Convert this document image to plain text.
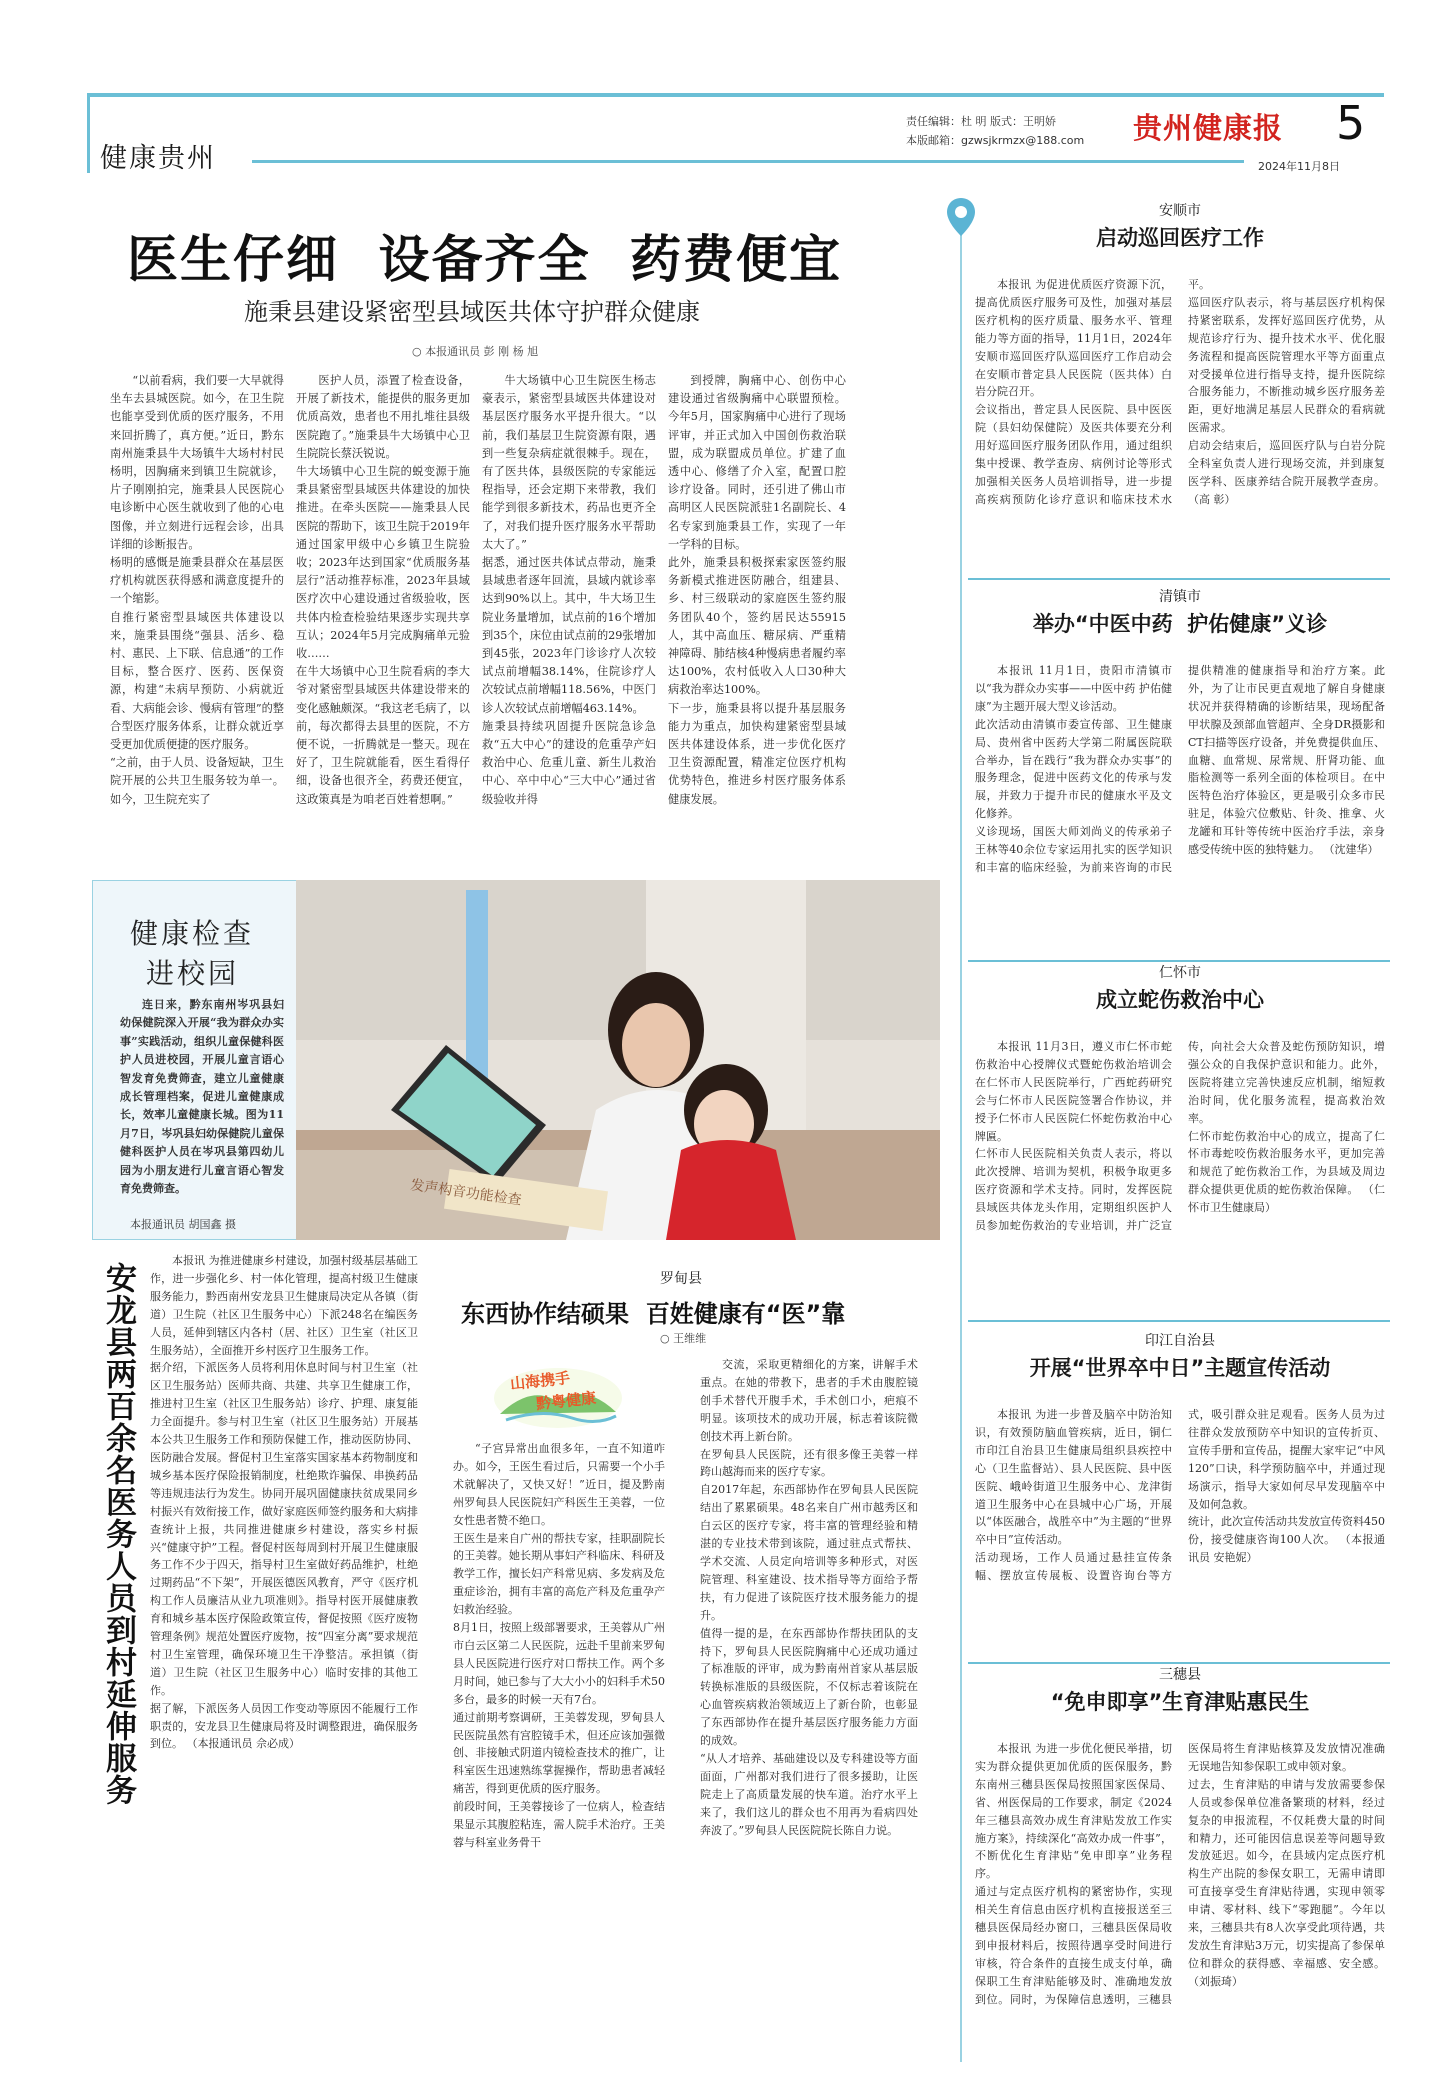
健康贵州
责任编辑：杜 明 版式：王明娇
本版邮箱：gzwsjkrmzx@188.com 贵州健康报 5
2024年11月8日
医生仔细  设备齐全  药费便宜
施秉县建设紧密型县域医共体守护群众健康
○ 本报通讯员 彭 刚 杨 旭

“以前看病，我们要一大早就得坐车去县城医院。如今，在卫生院也能享受到优质的医疗服务，不用来回折腾了，真方便。”近日，黔东南州施秉县牛大场镇牛大场村村民杨明，因胸痛来到镇卫生院就诊，片子刚刚拍完，施秉县人民医院心电诊断中心医生就收到了他的心电图像，并立刻进行远程会诊，出具详细的诊断报告。
杨明的感慨是施秉县群众在基层医疗机构就医获得感和满意度提升的一个缩影。
自推行紧密型县域医共体建设以来，施秉县围绕“强县、活乡、稳村、惠民、上下联、信息通”的工作目标，整合医疗、医药、医保资源，构建“未病早预防、小病就近看、大病能会诊、慢病有管理”的整合型医疗服务体系，让群众就近享受更加优质便捷的医疗服务。
“之前，由于人员、设备短缺，卫生院开展的公共卫生服务较为单一。如今，卫生院充实了

医护人员，添置了检查设备，开展了新技术，能提供的服务更加优质高效，患者也不用扎堆往县级医院跑了。”施秉县牛大场镇中心卫生院院长蔡沃锐说。
牛大场镇中心卫生院的蜕变源于施秉县紧密型县域医共体建设的加快推进。在牵头医院——施秉县人民医院的帮助下，该卫生院于2019年通过国家甲级中心乡镇卫生院验收；2023年达到国家“优质服务基层行”活动推荐标准，2023年县域医疗次中心建设通过省级验收，医共体内检查检验结果逐步实现共享互认；2024年5月完成胸痛单元验收……
在牛大场镇中心卫生院看病的李大爷对紧密型县域医共体建设带来的变化感触颇深。“我这老毛病了，以前，每次都得去县里的医院，不方便不说，一折腾就是一整天。现在好了，卫生院就能看，医生看得仔细，设备也很齐全，药费还便宜，这政策真是为咱老百姓着想啊。”

牛大场镇中心卫生院医生杨志豪表示，紧密型县域医共体建设对基层医疗服务水平提升很大。“以前，我们基层卫生院资源有限，遇到一些复杂病症就很棘手。现在，有了医共体，县级医院的专家能远程指导，还会定期下来带教，我们能学到很多新技术，药品也更齐全了，对我们提升医疗服务水平帮助太大了。”
据悉，通过医共体试点带动，施秉县域患者逐年回流，县域内就诊率达到90%以上。其中，牛大场卫生院业务量增加，试点前的16个增加到35个，床位由试点前的29张增加到45张，2023年门诊诊疗人次较试点前增幅38.14%，住院诊疗人次较试点前增幅118.56%，中医门诊人次较试点前增幅463.14%。
施秉县持续巩固提升医院急诊急救“五大中心”的建设的危重孕产妇救治中心、危重儿童、新生儿救治中心、卒中中心“三大中心”通过省级验收并得

到授牌，胸痛中心、创伤中心建设通过省级胸痛中心联盟预检。今年5月，国家胸痛中心进行了现场评审，并正式加入中国创伤救治联盟，成为联盟成员单位。扩建了血透中心、修缮了介入室，配置口腔诊疗设备。同时，还引进了佛山市高明区人民医院派驻1名副院长、4名专家到施秉县工作，实现了一年一学科的目标。
此外，施秉县积极探索家医签约服务新模式推进医防融合，组建县、乡、村三级联动的家庭医生签约服务团队40个，签约居民达55915人，其中高血压、糖尿病、严重精神障碍、肺结核4种慢病患者履约率达100%，农村低收入人口30种大病救治率达100%。
下一步，施秉县将以提升基层服务能力为重点，加快构建紧密型县域医共体建设体系，进一步优化医疗卫生资源配置，精准定位医疗机构优势特色，推进乡村医疗服务体系健康发展。

健康检查
进校园

连日来，黔东南州岑巩县妇幼保健院深入开展“我为群众办实事”实践活动，组织儿童保健科医护人员进校园，开展儿童言语心智发育免费筛查，建立儿童健康成长管理档案，促进儿童健康成长，效率儿童健康长城。图为11月7日，岑巩县妇幼保健院儿童保健科医护人员在岑巩县第四幼儿园为小朋友进行儿童言语心智发育免费筛查。

本报通讯员 胡国鑫 摄
发声构音功能检查
安龙县两百余名医务人员到村延伸服务

本报讯 为推进健康乡村建设，加强村级基层基础工作，进一步强化乡、村一体化管理，提高村级卫生健康服务能力，黔西南州安龙县卫生健康局决定从各镇（街道）卫生院（社区卫生服务中心）下派248名在编医务人员，延伸到辖区内各村（居、社区）卫生室（社区卫生服务站），全面推开乡村医疗卫生服务工作。
据介绍，下派医务人员将利用休息时间与村卫生室（社区卫生服务站）医师共商、共建、共享卫生健康工作，推进村卫生室（社区卫生服务站）诊疗、护理、康复能力全面提升。参与村卫生室（社区卫生服务站）开展基本公共卫生服务工作和预防保健工作，推动医防协同、医防融合发展。督促村卫生室落实国家基本药物制度和城乡基本医疗保险报销制度，杜绝欺诈骗保、串换药品等违规违法行为发生。协同开展巩固健康扶贫成果同乡村振兴有效衔接工作，做好家庭医师签约服务和大病排查统计上报，共同推进健康乡村建设，落实乡村振兴“健康守护”工程。督促村医每周到村开展卫生健康服务工作不少于四天，指导村卫生室做好药品维护，杜绝过期药品“不下架”，开展医德医风教育，严守《医疗机构工作人员廉洁从业九项准则》。指导村医开展健康教育和城乡基本医疗保险政策宣传，督促按照《医疗废物管理条例》规范处置医疗废物，按“四室分离”要求规范村卫生室管理，确保环境卫生干净整洁。承担镇（街道）卫生院（社区卫生服务中心）临时安排的其他工作。
据了解，下派医务人员因工作变动等原因不能履行工作职责的，安龙县卫生健康局将及时调整跟进，确保服务到位。 （本报通讯员 佘必成）

罗甸县
东西协作结硕果  百姓健康有“医”靠
○ 王维维
山海携手
黔粤健康

“子宫异常出血很多年，一直不知道咋办。如今，王医生看过后，只需要一个小手术就解决了，又快又好！”近日，提及黔南州罗甸县人民医院妇产科医生王美蓉，一位女性患者赞不绝口。
王医生是来自广州的帮扶专家，挂职副院长的王美蓉。她长期从事妇产科临床、科研及教学工作，擅长妇产科常见病、多发病及危重症诊治，拥有丰富的高危产科及危重孕产妇救治经验。
8月1日，按照上级部署要求，王美蓉从广州市白云区第二人民医院，远赴千里前来罗甸县人民医院进行医疗对口帮扶工作。两个多月时间，她已参与了大大小小的妇科手术50多台，最多的时候一天有7台。
通过前期考察调研，王美蓉发现，罗甸县人民医院虽然有宫腔镜手术，但还应该加强微创、非接触式阴道内镜检查技术的推广，让科室医生迅速熟练掌握操作，帮助患者减轻痛苦，得到更优质的医疗服务。
前段时间，王美蓉接诊了一位病人，检查结果显示其腹腔粘连，需人院手术治疗。王美蓉与科室业务骨干

交流，采取更精细化的方案，讲解手术重点。在她的带教下，患者的手术由腹腔镜创手术替代开腹手术，手术创口小，疤痕不明显。该项技术的成功开展，标志着该院微创技术再上新台阶。
在罗甸县人民医院，还有很多像王美蓉一样跨山越海而来的医疗专家。
自2017年起，东西部协作在罗甸县人民医院结出了累累硕果。48名来自广州市越秀区和白云区的医疗专家，将丰富的管理经验和精湛的专业技术带到该院，通过驻点式帮扶、学术交流、人员定向培训等多种形式，对医院管理、科室建设、技术指导等方面给予帮扶，有力促进了该院医疗技术服务能力的提升。
值得一提的是，在东西部协作帮扶团队的支持下，罗甸县人民医院胸痛中心还成功通过了标准版的评审，成为黔南州首家从基层版转换标准版的县级医院，不仅标志着该院在心血管疾病救治领域迈上了新台阶，也彰显了东西部协作在提升基层医疗服务能力方面的成效。
“从人才培养、基础建设以及专科建设等方面面面，广州都对我们进行了很多援助，让医院走上了高质量发展的快车道。治疗水平上来了，我们这儿的群众也不用再为看病四处奔波了。”罗甸县人民医院院长陈自力说。

安顺市
启动巡回医疗工作

本报讯 为促进优质医疗资源下沉，提高优质医疗服务可及性，加强对基层医疗机构的医疗质量、服务水平、管理能力等方面的指导，11月1日，2024年安顺市巡回医疗队巡回医疗工作启动会在安顺市普定县人民医院（医共体）白岩分院召开。
会议指出，普定县人民医院、县中医医院（县妇幼保健院）及医共体要充分利用好巡回医疗服务团队作用，通过组织集中授课、教学查房、病例讨论等形式加强相关医务人员培训指导，进一步提高疾病预防化诊疗意识和临床技术水平。
巡回医疗队表示，将与基层医疗机构保持紧密联系，发挥好巡回医疗优势，从规范诊疗行为、提升技术水平、优化服务流程和提高医院管理水平等方面重点对受援单位进行指导支持，提升医院综合服务能力，不断推动城乡医疗服务差距，更好地满足基层人民群众的看病就医需求。
启动会结束后，巡回医疗队与白岩分院全科室负责人进行现场交流，并到康复医学科、医康养结合院开展教学查房。 （高 彰）

清镇市
举办“中医中药  护佑健康”义诊

本报讯 11月1日，贵阳市清镇市以“我为群众办实事——中医中药 护佑健康”为主题开展大型义诊活动。
此次活动由清镇市委宣传部、卫生健康局、贵州省中医药大学第二附属医院联合举办，旨在践行“我为群众办实事”的服务理念，促进中医药文化的传承与发展，并致力于提升市民的健康水平及文化修养。
义诊现场，国医大师刘尚义的传承弟子王林等40余位专家运用扎实的医学知识和丰富的临床经验，为前来咨询的市民提供精准的健康指导和治疗方案。此外，为了让市民更直观地了解自身健康状况并获得精确的诊断结果，现场配备甲状腺及颈部血管超声、全身DR摄影和CT扫描等医疗设备，并免费提供血压、血糖、血常规、尿常规、肝肾功能、血脂检测等一系列全面的体检项目。在中医特色治疗体验区，更是吸引众多市民驻足，体验穴位敷贴、针灸、推拿、火龙罐和耳针等传统中医治疗手法，亲身感受传统中医的独特魅力。 （沈建华）

仁怀市
成立蛇伤救治中心

本报讯 11月3日，遵义市仁怀市蛇伤救治中心授牌仪式暨蛇伤救治培训会在仁怀市人民医院举行，广西蛇药研究会与仁怀市人民医院签署合作协议，并授予仁怀市人民医院仁怀蛇伤救治中心牌匾。
仁怀市人民医院相关负责人表示，将以此次授牌、培训为契机，积极争取更多医疗资源和学术支持。同时，发挥医院县域医共体龙头作用，定期组织医护人员参加蛇伤救治的专业培训，并广泛宣传，向社会大众普及蛇伤预防知识，增强公众的自我保护意识和能力。此外，医院将建立完善快速反应机制，缩短救治时间，优化服务流程，提高救治效率。
仁怀市蛇伤救治中心的成立，提高了仁怀市毒蛇咬伤救治服务水平，更加完善和规范了蛇伤救治工作，为县域及周边群众提供更优质的蛇伤救治保障。 （仁怀市卫生健康局）

印江自治县
开展“世界卒中日”主题宣传活动

本报讯 为进一步普及脑卒中防治知识，有效预防脑血管疾病，近日，铜仁市印江自治县卫生健康局组织县疾控中心（卫生监督站）、县人民医院、县中医医院、峨岭街道卫生服务中心、龙津街道卫生服务中心在县城中心广场，开展以“体医融合，战胜卒中”为主题的“世界卒中日”宣传活动。
活动现场，工作人员通过悬挂宣传条幅、摆放宣传展板、设置咨询台等方式，吸引群众驻足观看。医务人员为过往群众发放预防卒中知识的宣传折页、宣传手册和宣传品，提醒大家牢记“中风120”口诀，科学预防脑卒中，并通过现场演示，指导大家如何尽早发现脑卒中及如何急救。
统计，此次宣传活动共发放宣传资料450份，接受健康咨询100人次。 （本报通讯员 安艳妮）

三穗县
“免申即享”生育津贴惠民生

本报讯 为进一步优化便民举措，切实为群众提供更加优质的医保服务，黔东南州三穗县医保局按照国家医保局、省、州医保局的工作要求，制定《2024年三穗县高效办成生育津贴发放工作实施方案》，持续深化“高效办成一件事”，不断优化生育津贴“免申即享”业务程序。
通过与定点医疗机构的紧密协作，实现相关生育信息由医疗机构直接报送至三穗县医保局经办窗口，三穗县医保局收到申报材料后，按照待遇享受时间进行审核，符合条件的直接生成支付单，确保职工生育津贴能够及时、准确地发放到位。同时，为保障信息透明，三穗县医保局将生育津贴核算及发放情况准确无误地告知参保职工或申领对象。
过去，生育津贴的申请与发放需要参保人员或参保单位准备繁琐的材料，经过复杂的申报流程，不仅耗费大量的时间和精力，还可能因信息误差等问题导致发放延迟。如今，在县域内定点医疗机构生产出院的参保女职工，无需申请即可直接享受生育津贴待遇，实现申领零申请、零材料、线下“零跑腿”。今年以来，三穗县共有8人次享受此项待遇，共发放生育津贴3万元，切实提高了参保单位和群众的获得感、幸福感、安全感。 （刘振琦）
